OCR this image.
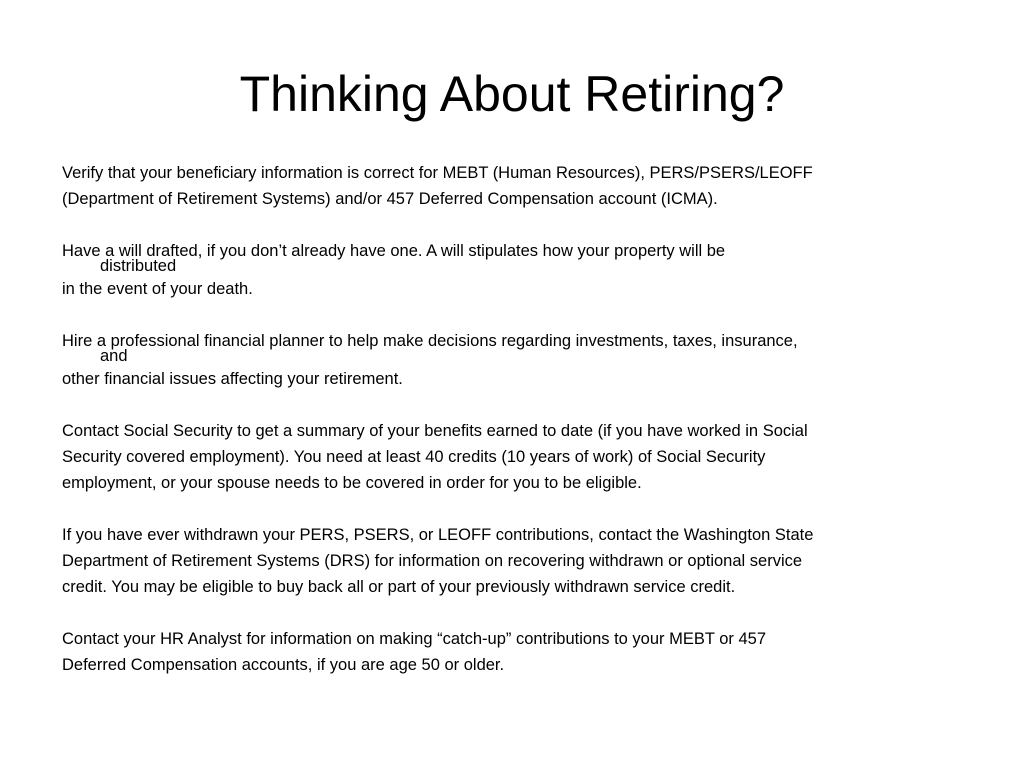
Thinking About Retiring?
Verify that your beneficiary information is correct for MEBT (Human Resources), PERS/PSERS/LEOFF
(Department of Retirement Systems) and/or 457 Deferred Compensation account (ICMA).
Have a will drafted, if you don’t already have one. A will stipulates how your property will be
distributed
in the event of your death.
Hire a professional financial planner to help make decisions regarding investments, taxes, insurance,
and
other financial issues affecting your retirement.
Contact Social Security to get a summary of your benefits earned to date (if you have worked in Social
Security covered employment). You need at least 40 credits (10 years of work) of Social Security
employment, or your spouse needs to be covered in order for you to be eligible.
If you have ever withdrawn your PERS, PSERS, or LEOFF contributions, contact the Washington State
Department of Retirement Systems (DRS) for information on recovering withdrawn or optional service
credit. You may be eligible to buy back all or part of your previously withdrawn service credit.
Contact your HR Analyst for information on making “catch-up” contributions to your MEBT or 457
Deferred Compensation accounts, if you are age 50 or older.
